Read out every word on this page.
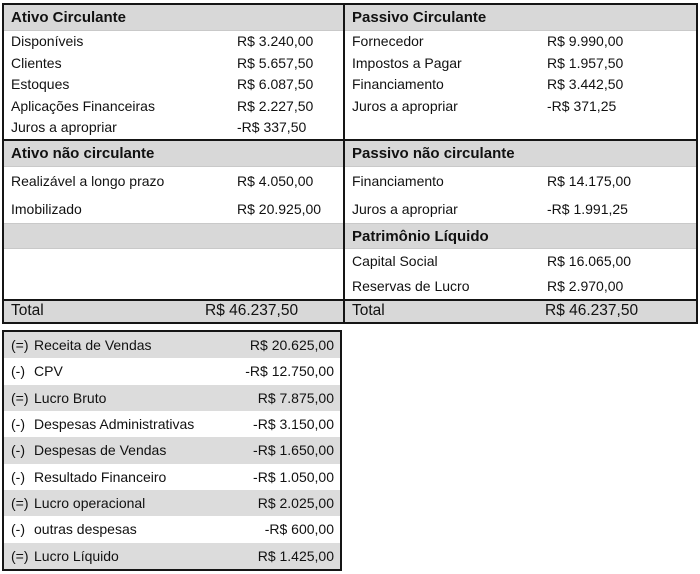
Ativo Circulante
Disponíveis	R$ 3.240,00
Clientes	R$ 5.657,50
Estoques	R$ 6.087,50
Aplicações Financeiras	R$ 2.227,50
Juros a apropriar	-R$ 337,50
Ativo não circulante
Realizável a longo prazo	R$ 4.050,00
Imobilizado	R$ 20.925,00
Total	R$ 46.237,50
Passivo Circulante
Fornecedor	R$ 9.990,00
Impostos a Pagar	R$ 1.957,50
Financiamento	R$ 3.442,50
Juros a apropriar	-R$ 371,25
Passivo não circulante
Financiamento	R$ 14.175,00
Juros a apropriar	-R$ 1.991,25
Patrimônio Líquido
Capital Social	R$ 16.065,00
Reservas de Lucro	R$ 2.970,00
Total	R$ 46.237,50
(=) Receita de Vendas	R$ 20.625,00
(-) CPV	-R$ 12.750,00
(=) Lucro Bruto	R$ 7.875,00
(-) Despesas Administrativas	-R$ 3.150,00
(-) Despesas de Vendas	-R$ 1.650,00
(-) Resultado Financeiro	-R$ 1.050,00
(=) Lucro operacional	R$ 2.025,00
(-) outras despesas	-R$ 600,00
(=) Lucro Líquido	R$ 1.425,00
